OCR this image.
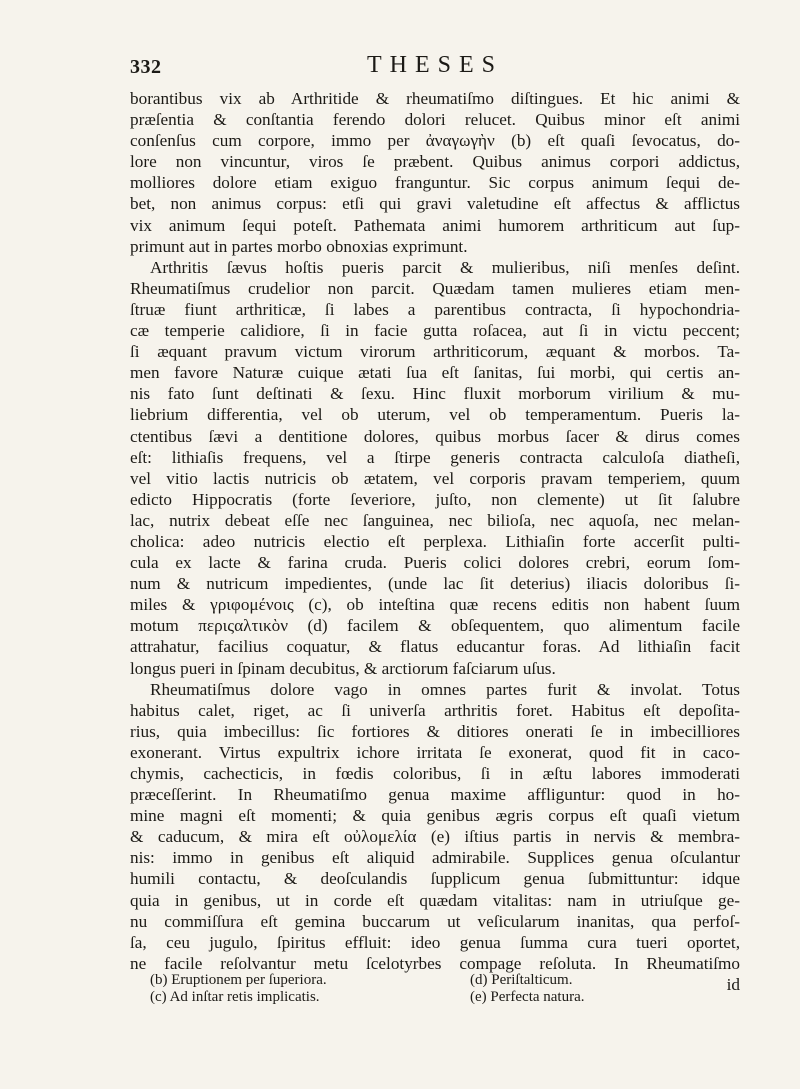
332	THESES
borantibus vix ab Arthritide & rheumatiſmo diſtingues. Et hic animi &
præſentia & conſtantia ferendo dolori relucet. Quibus minor eſt animi
conſenſus cum corpore, immo per ἀναγωγὴν (b) eſt quaſi ſevocatus, do-
lore non vincuntur, viros ſe præbent. Quibus animus corpori addictus,
molliores dolore etiam exiguo franguntur. Sic corpus animum ſequi de-
bet, non animus corpus: etſi qui gravi valetudine eſt affectus & afflictus
vix animum ſequi poteſt. Pathemata animi humorem arthriticum aut ſup-
primunt aut in partes morbo obnoxias exprimunt.
Arthritis ſævus hoſtis pueris parcit & mulieribus, niſi menſes deſint.
Rheumatiſmus crudelior non parcit. Quædam tamen mulieres etiam men-
ſtruæ fiunt arthriticæ, ſi labes a parentibus contracta, ſi hypochondria-
cæ temperie calidiore, ſi in facie gutta roſacea, aut ſi in victu peccent;
ſi æquant pravum victum virorum arthriticorum, æquant & morbos. Ta-
men favore Naturæ cuique ætati ſua eſt ſanitas, ſui morbi, qui certis an-
nis fato ſunt deſtinati & ſexu. Hinc fluxit morborum virilium & mu-
liebrium differentia, vel ob uterum, vel ob temperamentum. Pueris la-
ctentibus ſævi a dentitione dolores, quibus morbus ſacer & dirus comes
eſt: lithiaſis frequens, vel a ſtirpe generis contracta calculoſa diatheſi,
vel vitio lactis nutricis ob ætatem, vel corporis pravam temperiem, quum
edicto Hippocratis (forte ſeveriore, juſto, non clemente) ut ſit ſalubre
lac, nutrix debeat eſſe nec ſanguinea, nec bilioſa, nec aquoſa, nec melan-
cholica: adeo nutricis electio eſt perplexa. Lithiaſin forte accerſit pulti-
cula ex lacte & farina cruda. Pueris colici dolores crebri, eorum ſom-
num & nutricum impedientes, (unde lac ſit deterius) iliacis doloribus ſi-
miles & γριφομένοις (c), ob inteſtina quæ recens editis non habent ſuum
motum περιςαλτικὸν (d) facilem & obſequentem, quo alimentum facile
attrahatur, facilius coquatur, & flatus educantur foras. Ad lithiaſin facit
longus pueri in ſpinam decubitus, & arctiorum faſciarum uſus.
Rheumatiſmus dolore vago in omnes partes furit & involat. Totus
habitus calet, riget, ac ſi univerſa arthritis foret. Habitus eſt depoſita-
rius, quia imbecillus: ſic fortiores & ditiores onerati ſe in imbecilliores
exonerant. Virtus expultrix ichore irritata ſe exonerat, quod fit in caco-
chymis, cachecticis, in fœdis coloribus, ſi in æſtu labores immoderati
præceſſerint. In Rheumatiſmo genua maxime affliguntur: quod in ho-
mine magni eſt momenti; & quia genibus ægris corpus eſt quaſi vietum
& caducum, & mira eſt οὐλομελία (e) iſtius partis in nervis & membra-
nis: immo in genibus eſt aliquid admirabile. Supplices genua oſculantur
humili contactu, & deoſculandis ſupplicum genua ſubmittuntur: idque
quia in genibus, ut in corde eſt quædam vitalitas: nam in utriuſque ge-
nu commiſſura eſt gemina buccarum ut veſicularum inanitas, qua perfoſ-
ſa, ceu jugulo, ſpiritus effluit: ideo genua ſumma cura tueri oportet,
ne facile reſolvantur metu ſcelotyrbes compage reſoluta. In Rheumatiſmo
id
(b) Eruptionem per ſuperiora.
(c) Ad inſtar retis implicatis.
(d) Periſtalticum.
(e) Perfecta natura.
